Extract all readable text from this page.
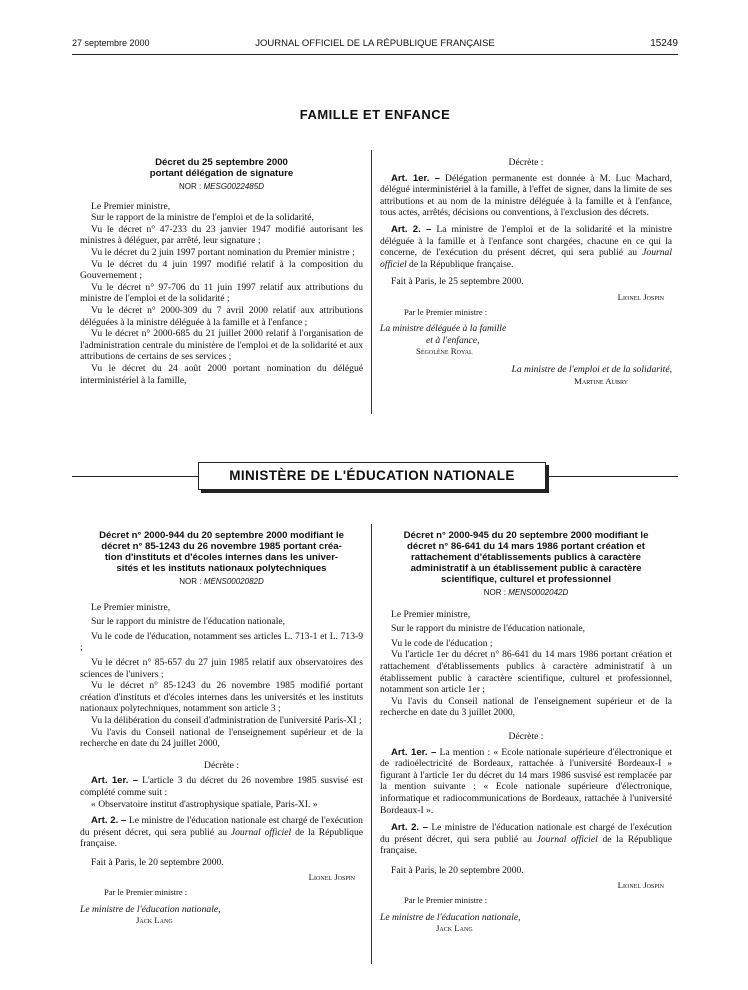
27 septembre 2000	JOURNAL OFFICIEL DE LA RÉPUBLIQUE FRANÇAISE	15249
FAMILLE ET ENFANCE
Décret du 25 septembre 2000
portant délégation de signature
NOR : MESG0022485D

Le Premier ministre,

Sur le rapport de la ministre de l'emploi et de la solidarité,

Vu le décret n° 47-233 du 23 janvier 1947 modifié autorisant les ministres à déléguer, par arrêté, leur signature ;

Vu le décret du 2 juin 1997 portant nomination du Premier ministre ;

Vu le décret du 4 juin 1997 modifié relatif à la composition du Gouvernement ;

Vu le décret n° 97-706 du 11 juin 1997 relatif aux attributions du ministre de l'emploi et de la solidarité ;

Vu le décret n° 2000-309 du 7 avril 2000 relatif aux attributions déléguées à la ministre déléguée à la famille et à l'enfance ;

Vu le décret n° 2000-685 du 21 juillet 2000 relatif à l'organisation de l'administration centrale du ministère de l'emploi et de la solidarité et aux attributions de certains de ses services ;

Vu le décret du 24 août 2000 portant nomination du délégué interministériel à la famille,

Décrète :

Art. 1er. – Délégation permanente est donnée à M. Luc Machard, délégué interministériel à la famille, à l'effet de signer, dans la limite de ses attributions et au nom de la ministre déléguée à la famille et à l'enfance, tous actes, arrêtés, décisions ou conventions, à l'exclusion des décrets.

Art. 2. – La ministre de l'emploi et de la solidarité et la ministre déléguée à la famille et à l'enfance sont chargées, chacune en ce qui la concerne, de l'exécution du présent décret, qui sera publié au Journal officiel de la République française.

Fait à Paris, le 25 septembre 2000.

Lionel Jospin
Par le Premier ministre :
La ministre déléguée à la famille
et à l'enfance,
Ségolène Royal
La ministre de l'emploi et de la solidarité,
Martine Aubry
MINISTÈRE DE L'ÉDUCATION NATIONALE
Décret n° 2000-944 du 20 septembre 2000 modifiant le
décret n° 85-1243 du 26 novembre 1985 portant créa-
tion d'instituts et d'écoles internes dans les univer-
sités et les instituts nationaux polytechniques
NOR : MENS0002082D

Le Premier ministre,

Sur le rapport du ministre de l'éducation nationale,

Vu le code de l'éducation, notamment ses articles L. 713-1 et L. 713-9 ;

Vu le décret n° 85-657 du 27 juin 1985 relatif aux observatoires des sciences de l'univers ;

Vu le décret n° 85-1243 du 26 novembre 1985 modifié portant création d'instituts et d'écoles internes dans les universités et les instituts nationaux polytechniques, notamment son article 3 ;

Vu la délibération du conseil d'administration de l'université Paris-XI ;

Vu l'avis du Conseil national de l'enseignement supérieur et de la recherche en date du 24 juillet 2000,

Décrète :

Art. 1er. – L'article 3 du décret du 26 novembre 1985 susvisé est complété comme suit :

« Observatoire institut d'astrophysique spatiale, Paris-XI. »

Art. 2. – Le ministre de l'éducation nationale est chargé de l'exécution du présent décret, qui sera publié au Journal officiel de la République française.

Fait à Paris, le 20 septembre 2000.

Lionel Jospin
Par le Premier ministre :
Le ministre de l'éducation nationale,
Jack Lang
Décret n° 2000-945 du 20 septembre 2000 modifiant le
décret n° 86-641 du 14 mars 1986 portant création et
rattachement d'établissements publics à caractère
administratif à un établissement public à caractère
scientifique, culturel et professionnel
NOR : MENS0002042D

Le Premier ministre,

Sur le rapport du ministre de l'éducation nationale,

Vu le code de l'éducation ;

Vu l'article 1er du décret n° 86-641 du 14 mars 1986 portant création et rattachement d'établissements publics à caractère administratif à un établissement public à caractère scientifique, culturel et professionnel, notamment son article 1er ;

Vu l'avis du Conseil national de l'enseignement supérieur et de la recherche en date du 3 juillet 2000,

Décrète :

Art. 1er. – La mention : « Ecole nationale supérieure d'électronique et de radioélectricité de Bordeaux, rattachée à l'université Bordeaux-I » figurant à l'article 1er du décret du 14 mars 1986 susvisé est remplacée par la mention suivante : « Ecole nationale supérieure d'électronique, informatique et radiocommunications de Bordeaux, rattachée à l'université Bordeaux-I ».

Art. 2. – Le ministre de l'éducation nationale est chargé de l'exécution du présent décret, qui sera publié au Journal officiel de la République française.

Fait à Paris, le 20 septembre 2000.

Lionel Jospin
Par le Premier ministre :
Le ministre de l'éducation nationale,
Jack Lang
